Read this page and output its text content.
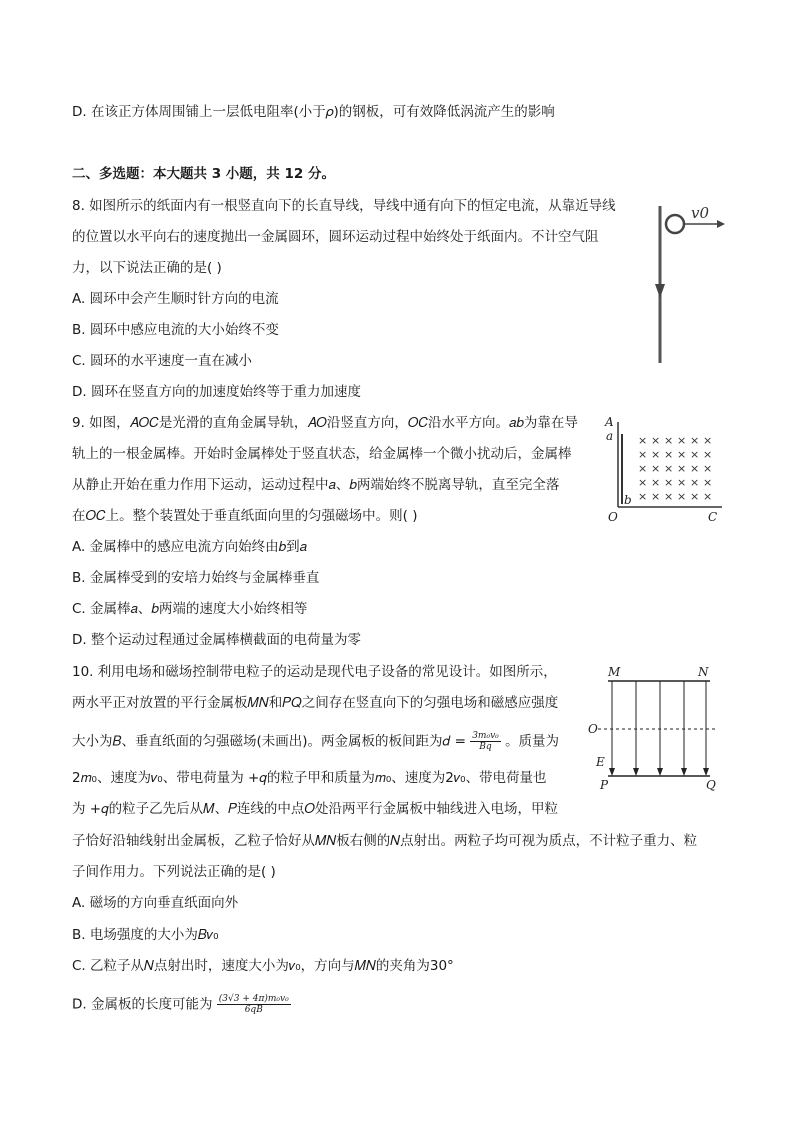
D. 在该正方体周围铺上一层低电阻率(小于𝜌)的钢板，可有效降低涡流产生的影响
二、多选题：本大题共 3 小题，共 12 分。
8. 如图所示的纸面内有一根竖直向下的长直导线，导线中通有向下的恒定电流，从靠近导线
的位置以水平向右的速度抛出一金属圆环，圆环运动过程中始终处于纸面内。不计空气阻
力，以下说法正确的是( )
A. 圆环中会产生顺时针方向的电流
B. 圆环中感应电流的大小始终不变
C. 圆环的水平速度一直在减小
D. 圆环在竖直方向的加速度始终等于重力加速度
v0
9. 如图，𝐴𝑂𝐶是光滑的直角金属导轨，𝐴𝑂沿竖直方向，𝑂𝐶沿水平方向。𝑎𝑏为靠在导
轨上的一根金属棒。开始时金属棒处于竖直状态，给金属棒一个微小扰动后，金属棒
从静止开始在重力作用下运动，运动过程中𝑎、𝑏两端始终不脱离导轨，直至完全落
在𝑂𝐶上。整个装置处于垂直纸面向里的匀强磁场中。则( )
A. 金属棒中的感应电流方向始终由𝑏到𝑎
B. 金属棒受到的安培力始终与金属棒垂直
C. 金属棒𝑎、𝑏两端的速度大小始终相等
D. 整个运动过程通过金属棒横截面的电荷量为零
A
a
b
O	C
× × × × × ×
× × × × × ×
× × × × × ×
× × × × × ×
× × × × × ×
10. 利用电场和磁场控制带电粒子的运动是现代电子设备的常见设计。如图所示，
两水平正对放置的平行金属板𝑀𝑁和𝑃𝑄之间存在竖直向下的匀强电场和磁感应强度
大小为𝐵、垂直纸面的匀强磁场(未画出)。两金属板的板间距为𝑑 = $\frac{\text{3𝑚₀𝑣₀}}{\text{𝐵𝑞}}$ 。质量为
2𝑚₀、速度为𝑣₀、带电荷量为 +𝑞的粒子甲和质量为𝑚₀、速度为2𝑣₀、带电荷量也
为 +𝑞的粒子乙先后从𝑀、𝑃连线的中点𝑂处沿两平行金属板中轴线进入电场，甲粒
子恰好沿轴线射出金属板，乙粒子恰好从𝑀𝑁板右侧的𝑁点射出。两粒子均可视为质点，不计粒子重力、粒
子间作用力。下列说法正确的是( )
A. 磁场的方向垂直纸面向外
B. 电场强度的大小为𝐵𝑣₀
C. 乙粒子从𝑁点射出时，速度大小为𝑣₀，方向与𝑀𝑁的夹角为30°
D. 金属板的长度可能为 $\frac{\text{(3√3 + 4π)𝑚₀𝑣₀}}{\text{6𝑞𝐵}}$
M	N
O
E
P	Q
